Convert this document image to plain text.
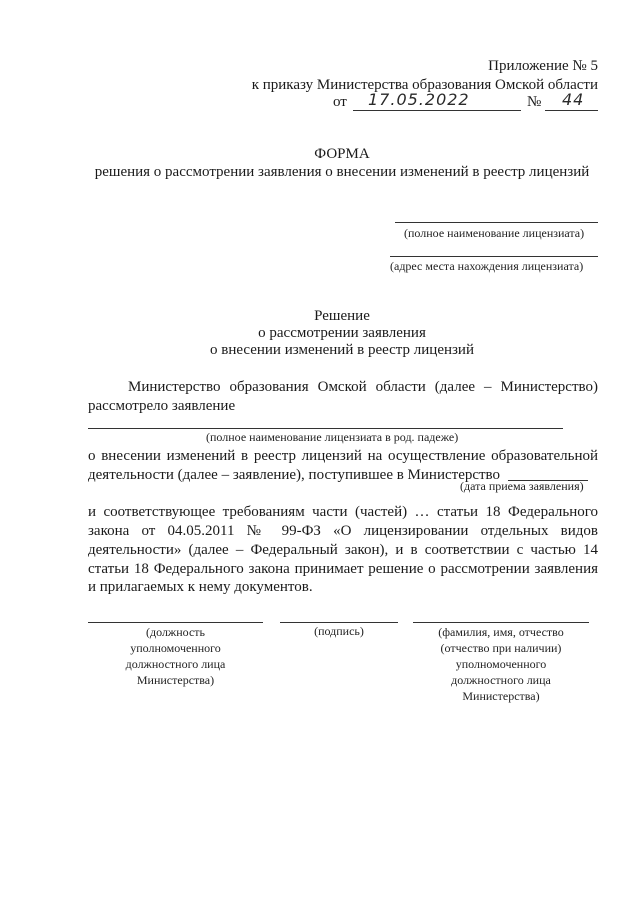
Приложение № 5
к приказу Министерства образования Омской области
от 17.05.2022	№ 44
ФОРМА
решения о рассмотрении заявления о внесении изменений в реестр лицензий
(полное наименование лицензиата)
(адрес места нахождения лицензиата)
Решение
о рассмотрении заявления
о внесении изменений в реестр лицензий
Министерство образования Омской области (далее – Министерство)
рассмотрело заявление
(полное наименование лицензиата в род. падеже)
о внесении изменений в реестр лицензий на осуществление образовательной
деятельности (далее – заявление), поступившее в Министерство
(дата приема заявления)
и соответствующее требованиям части (частей) … статьи 18 Федерального
закона от 04.05.2011 № 99-ФЗ «О лицензировании отдельных видов
деятельности» (далее – Федеральный закон), и в соответствии с частью 14
статьи 18 Федерального закона принимает решение о рассмотрении заявления
и прилагаемых к нему документов.
(должность
уполномоченного
должностного лица
Министерства)
(подпись)	(фамилия, имя, отчество
(отчество при наличии)
уполномоченного
должностного лица
Министерства)
